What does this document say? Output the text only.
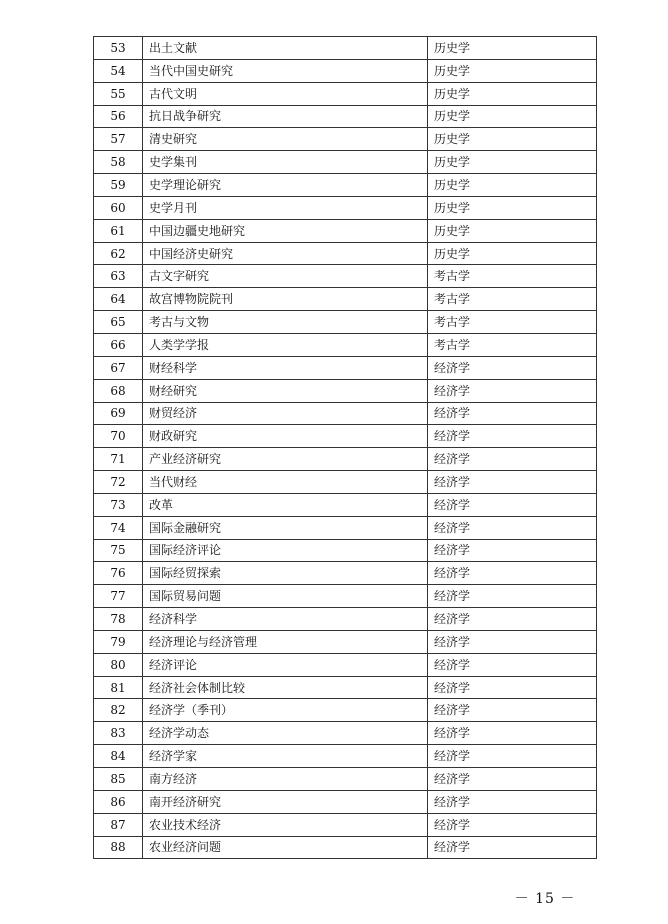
53	出土文献	历史学
54	当代中国史研究	历史学
55	古代文明	历史学
56	抗日战争研究	历史学
57	清史研究	历史学
58	史学集刊	历史学
59	史学理论研究	历史学
60	史学月刊	历史学
61	中国边疆史地研究	历史学
62	中国经济史研究	历史学
63	古文字研究	考古学
64	故宫博物院院刊	考古学
65	考古与文物	考古学
66	人类学学报	考古学
67	财经科学	经济学
68	财经研究	经济学
69	财贸经济	经济学
70	财政研究	经济学
71	产业经济研究	经济学
72	当代财经	经济学
73	改革	经济学
74	国际金融研究	经济学
75	国际经济评论	经济学
76	国际经贸探索	经济学
77	国际贸易问题	经济学
78	经济科学	经济学
79	经济理论与经济管理	经济学
80	经济评论	经济学
81	经济社会体制比较	经济学
82	经济学（季刊）	经济学
83	经济学动态	经济学
84	经济学家	经济学
85	南方经济	经济学
86	南开经济研究	经济学
87	农业技术经济	经济学
88	农业经济问题	经济学
－ 15 －
